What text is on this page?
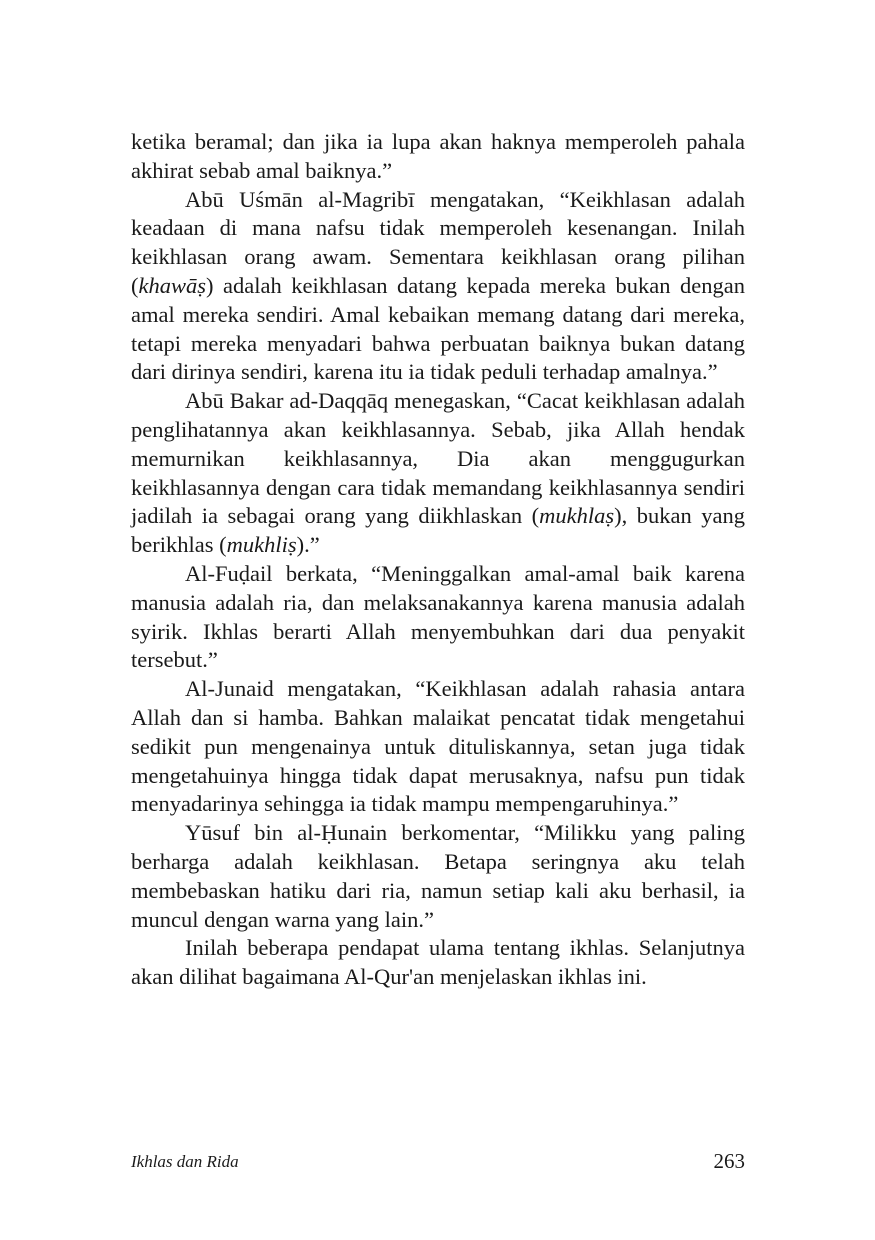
ketika beramal; dan jika ia lupa akan haknya memperoleh pahala akhirat sebab amal baiknya.”

Abū Uśmān al-Magribī mengatakan, “Keikhlasan adalah keadaan di mana nafsu tidak memperoleh kesenangan. Inilah keikhlasan orang awam. Sementara keikhlasan orang pilihan (khawāṣ) adalah keikhlasan datang kepada mereka bukan dengan amal mereka sendiri. Amal kebaikan memang datang dari mereka, tetapi mereka menyadari bahwa perbuatan baiknya bukan datang dari dirinya sendiri, karena itu ia tidak peduli terhadap amalnya.”

Abū Bakar ad-Daqqāq menegaskan, “Cacat keikhlasan adalah penglihatannya akan keikhlasannya. Sebab, jika Allah hendak memurnikan keikhlasannya, Dia akan menggugurkan keikhlasannya dengan cara tidak memandang keikhlasannya sendiri jadilah ia sebagai orang yang diikhlaskan (mukhlaṣ), bukan yang berikhlas (mukhliṣ).”

Al-Fuḍail berkata, “Meninggalkan amal-amal baik karena manusia adalah ria, dan melaksanakannya karena manusia adalah syirik. Ikhlas berarti Allah menyembuhkan dari dua penyakit tersebut.”

Al-Junaid mengatakan, “Keikhlasan adalah rahasia antara Allah dan si hamba. Bahkan malaikat pencatat tidak mengetahui sedikit pun mengenainya untuk dituliskannya, setan juga tidak mengetahuinya hingga tidak dapat merusaknya, nafsu pun tidak menyadarinya sehingga ia tidak mampu mempengaruhinya.”

Yūsuf bin al-Ḥunain berkomentar, “Milikku yang paling berharga adalah keikhlasan. Betapa seringnya aku telah membebaskan hatiku dari ria, namun setiap kali aku berhasil, ia muncul dengan warna yang lain.”

Inilah beberapa pendapat ulama tentang ikhlas. Selanjutnya akan dilihat bagaimana Al-Qur'an menjelaskan ikhlas ini.

Ikhlas dan Rida	263
